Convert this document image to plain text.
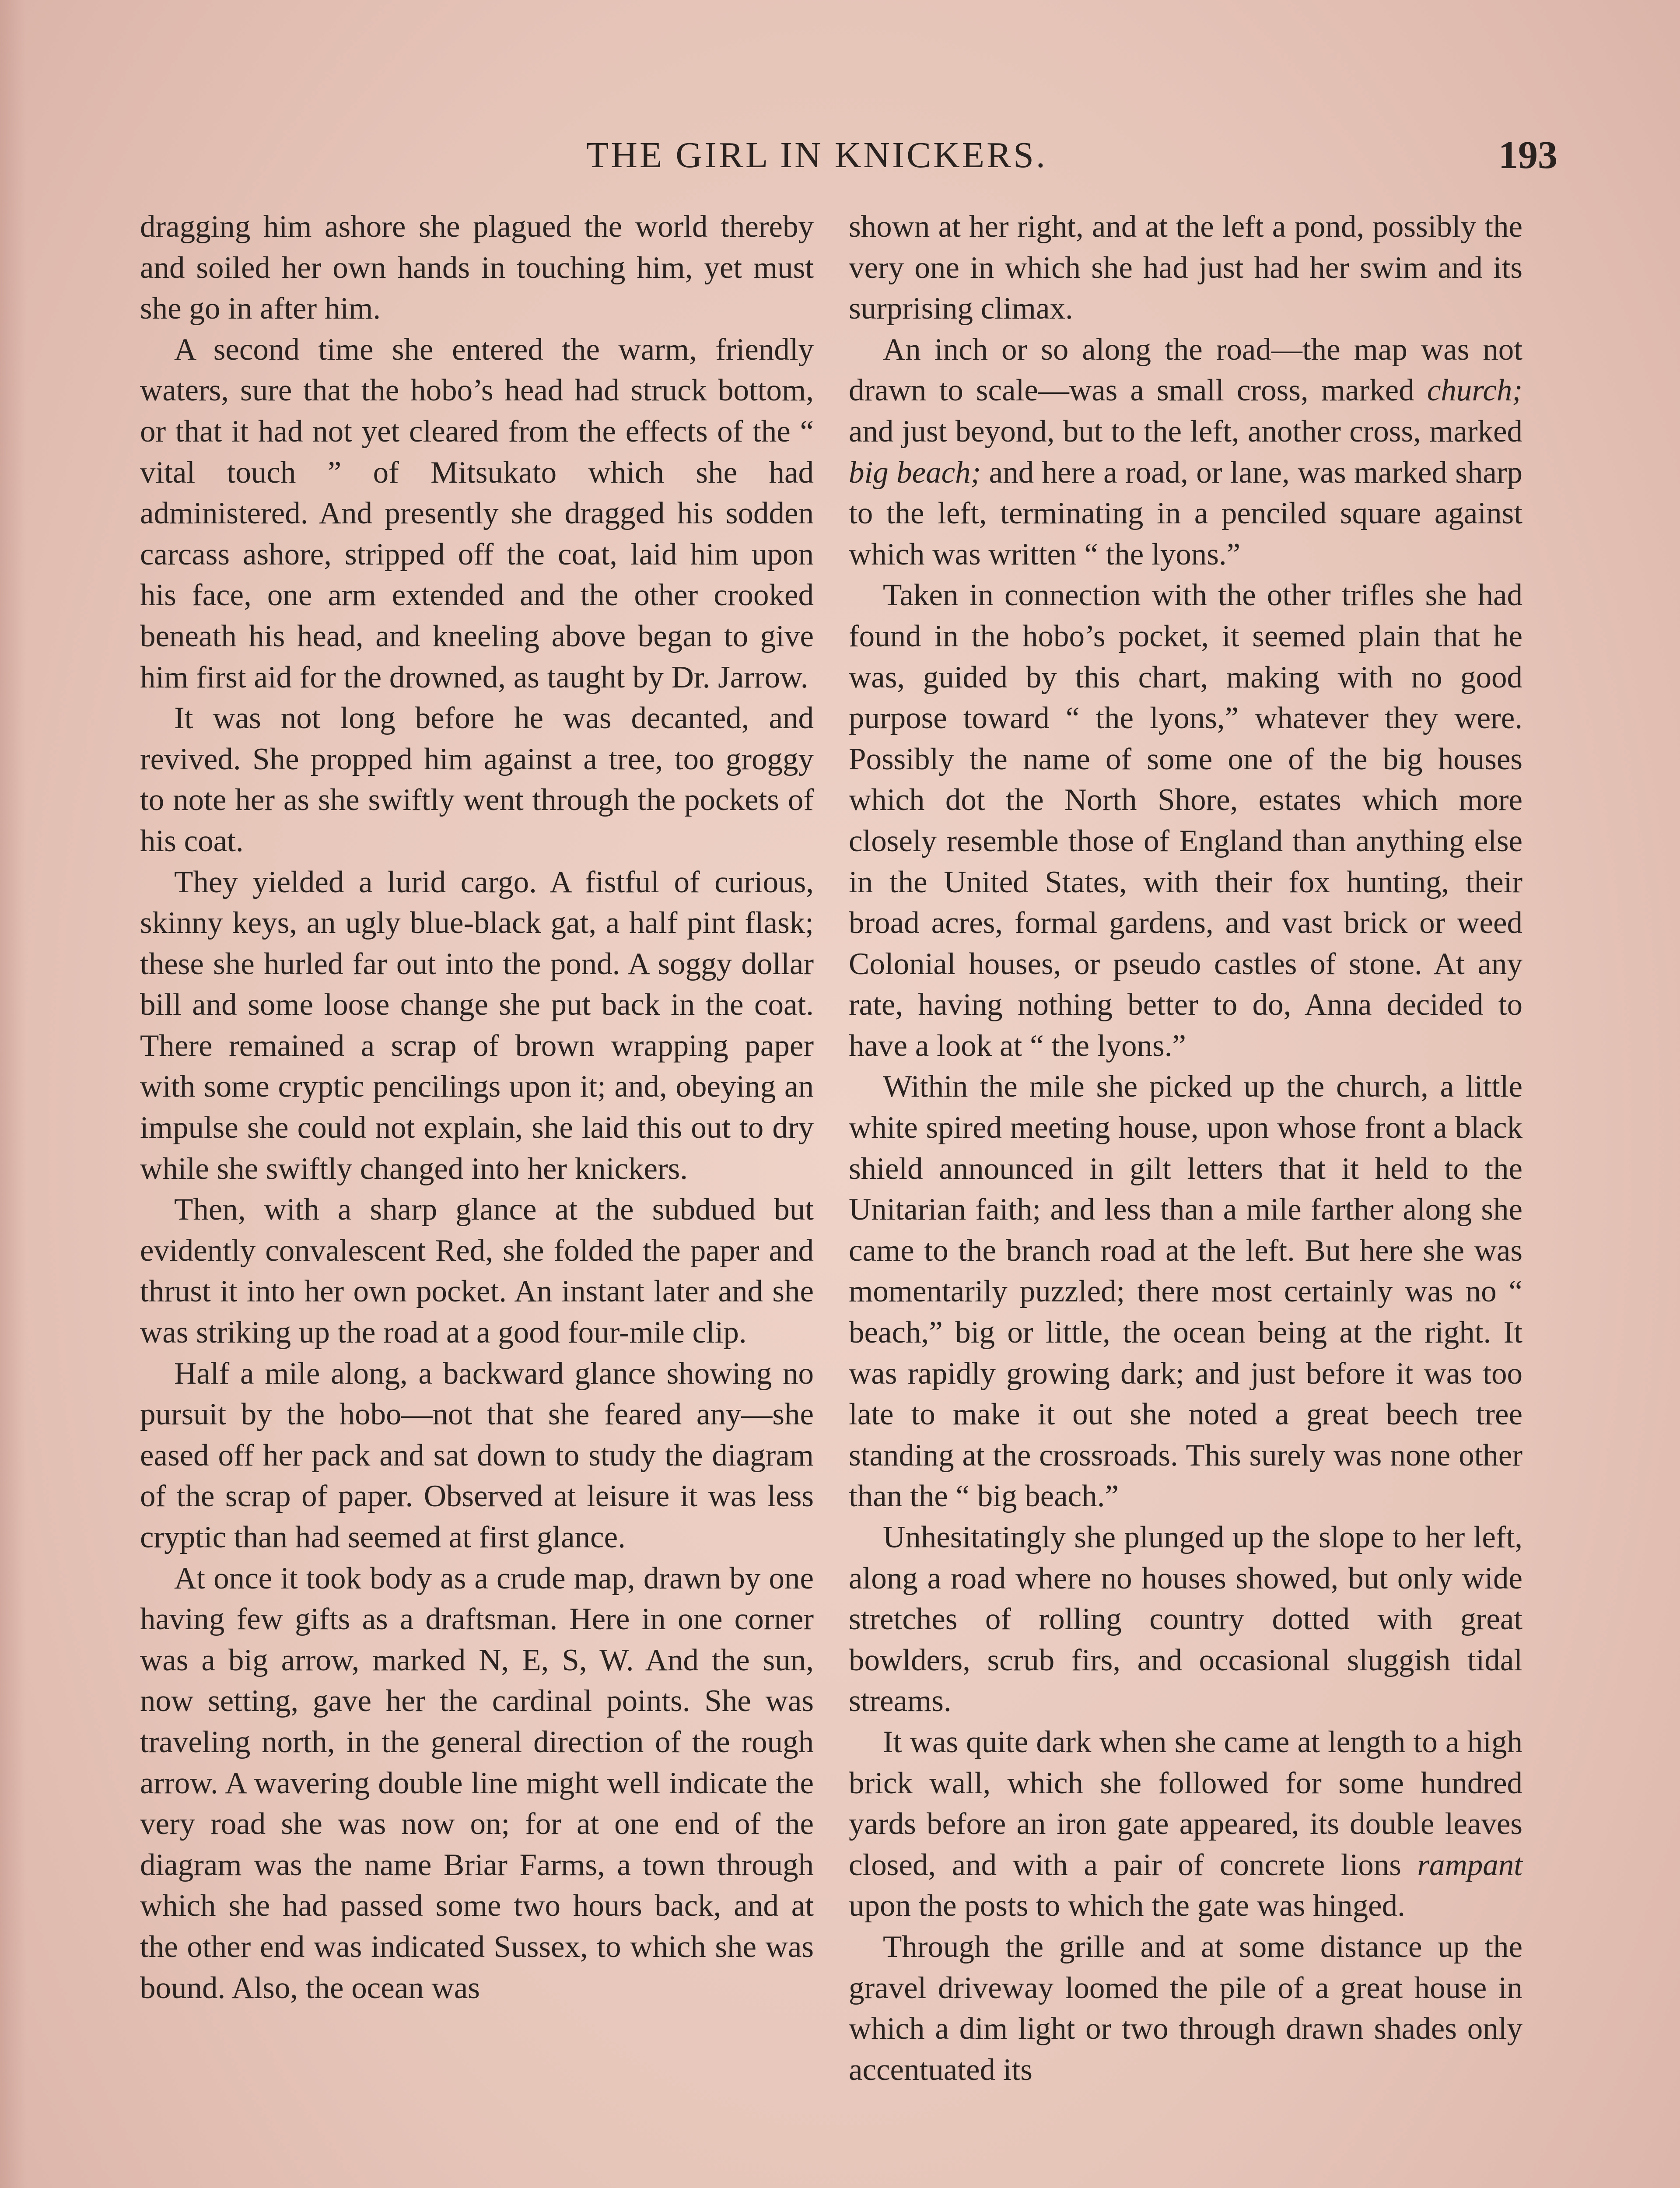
THE GIRL IN KNICKERS.	193

dragging him ashore she plagued the world thereby and soiled her own hands in touching him, yet must she go in after him.

A second time she entered the warm, friendly waters, sure that the hobo’s head had struck bottom, or that it had not yet cleared from the effects of the “ vital touch ” of Mitsukato which she had administered. And presently she dragged his sodden carcass ashore, stripped off the coat, laid him upon his face, one arm extended and the other crooked beneath his head, and kneeling above began to give him first aid for the drowned, as taught by Dr. Jarrow.

It was not long before he was decanted, and revived. She propped him against a tree, too groggy to note her as she swiftly went through the pockets of his coat.

They yielded a lurid cargo. A fistful of curious, skinny keys, an ugly blue-black gat, a half pint flask; these she hurled far out into the pond. A soggy dollar bill and some loose change she put back in the coat. There remained a scrap of brown wrapping paper with some cryptic pencilings upon it; and, obeying an impulse she could not explain, she laid this out to dry while she swiftly changed into her knickers.

Then, with a sharp glance at the subdued but evidently convalescent Red, she folded the paper and thrust it into her own pocket. An instant later and she was striking up the road at a good four-mile clip.

Half a mile along, a backward glance showing no pursuit by the hobo—not that she feared any—she eased off her pack and sat down to study the diagram of the scrap of paper. Observed at leisure it was less cryptic than had seemed at first glance.

At once it took body as a crude map, drawn by one having few gifts as a draftsman. Here in one corner was a big arrow, marked N, E, S, W. And the sun, now setting, gave her the cardinal points. She was traveling north, in the general direction of the rough arrow. A wavering double line might well indicate the very road she was now on; for at one end of the diagram was the name Briar Farms, a town through which she had passed some two hours back, and at the other end was indicated Sussex, to which she was bound. Also, the ocean was

shown at her right, and at the left a pond, possibly the very one in which she had just had her swim and its surprising climax.

An inch or so along the road—the map was not drawn to scale—was a small cross, marked church; and just beyond, but to the left, another cross, marked big beach; and here a road, or lane, was marked sharp to the left, terminating in a penciled square against which was written “ the lyons.”

Taken in connection with the other trifles she had found in the hobo’s pocket, it seemed plain that he was, guided by this chart, making with no good purpose toward “ the lyons,” whatever they were. Possibly the name of some one of the big houses which dot the North Shore, estates which more closely resemble those of England than anything else in the United States, with their fox hunting, their broad acres, formal gardens, and vast brick or weed Colonial houses, or pseudo castles of stone. At any rate, having nothing better to do, Anna decided to have a look at “ the lyons.”

Within the mile she picked up the church, a little white spired meeting house, upon whose front a black shield announced in gilt letters that it held to the Unitarian faith; and less than a mile farther along she came to the branch road at the left. But here she was momentarily puzzled; there most certainly was no “ beach,” big or little, the ocean being at the right. It was rapidly growing dark; and just before it was too late to make it out she noted a great beech tree standing at the crossroads. This surely was none other than the “ big beach.”

Unhesitatingly she plunged up the slope to her left, along a road where no houses showed, but only wide stretches of rolling country dotted with great bowlders, scrub firs, and occasional sluggish tidal streams.

It was quite dark when she came at length to a high brick wall, which she followed for some hundred yards before an iron gate appeared, its double leaves closed, and with a pair of concrete lions rampant upon the posts to which the gate was hinged.

Through the grille and at some distance up the gravel driveway loomed the pile of a great house in which a dim light or two through drawn shades only accentuated its
